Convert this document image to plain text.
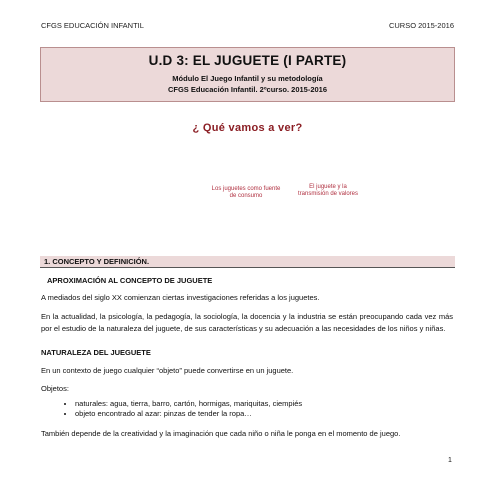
CFGS EDUCACIÓN INFANTIL	CURSO 2015-2016
U.D 3: EL JUGUETE (I PARTE)
Módulo El Juego Infantil y su metodología
CFGS Educación Infantil. 2ºcurso. 2015-2016
¿ Qué vamos a ver?
Los juguetes como fuente de consumo
El juguete y la transmisión de valores
1. CONCEPTO Y DEFINICIÓN.
APROXIMACIÓN AL CONCEPTO DE JUGUETE
A mediados del siglo XX comienzan ciertas investigaciones referidas a los juguetes.
En la actualidad, la psicología, la pedagogía, la sociología, la docencia y la industria se están preocupando cada vez más por el estudio de la naturaleza del juguete, de sus características y su adecuación a las necesidades de los niños y niñas.
NATURALEZA DEL JUEGUETE
En un contexto de juego cualquier “objeto” puede convertirse en un juguete.
Objetos:
• naturales: agua, tierra, barro, cartón, hormigas, mariquitas, ciempiés
• objeto encontrado al azar: pinzas de tender la ropa…
También depende de la creatividad y la imaginación que cada niño o niña le ponga en el momento de juego.
1
